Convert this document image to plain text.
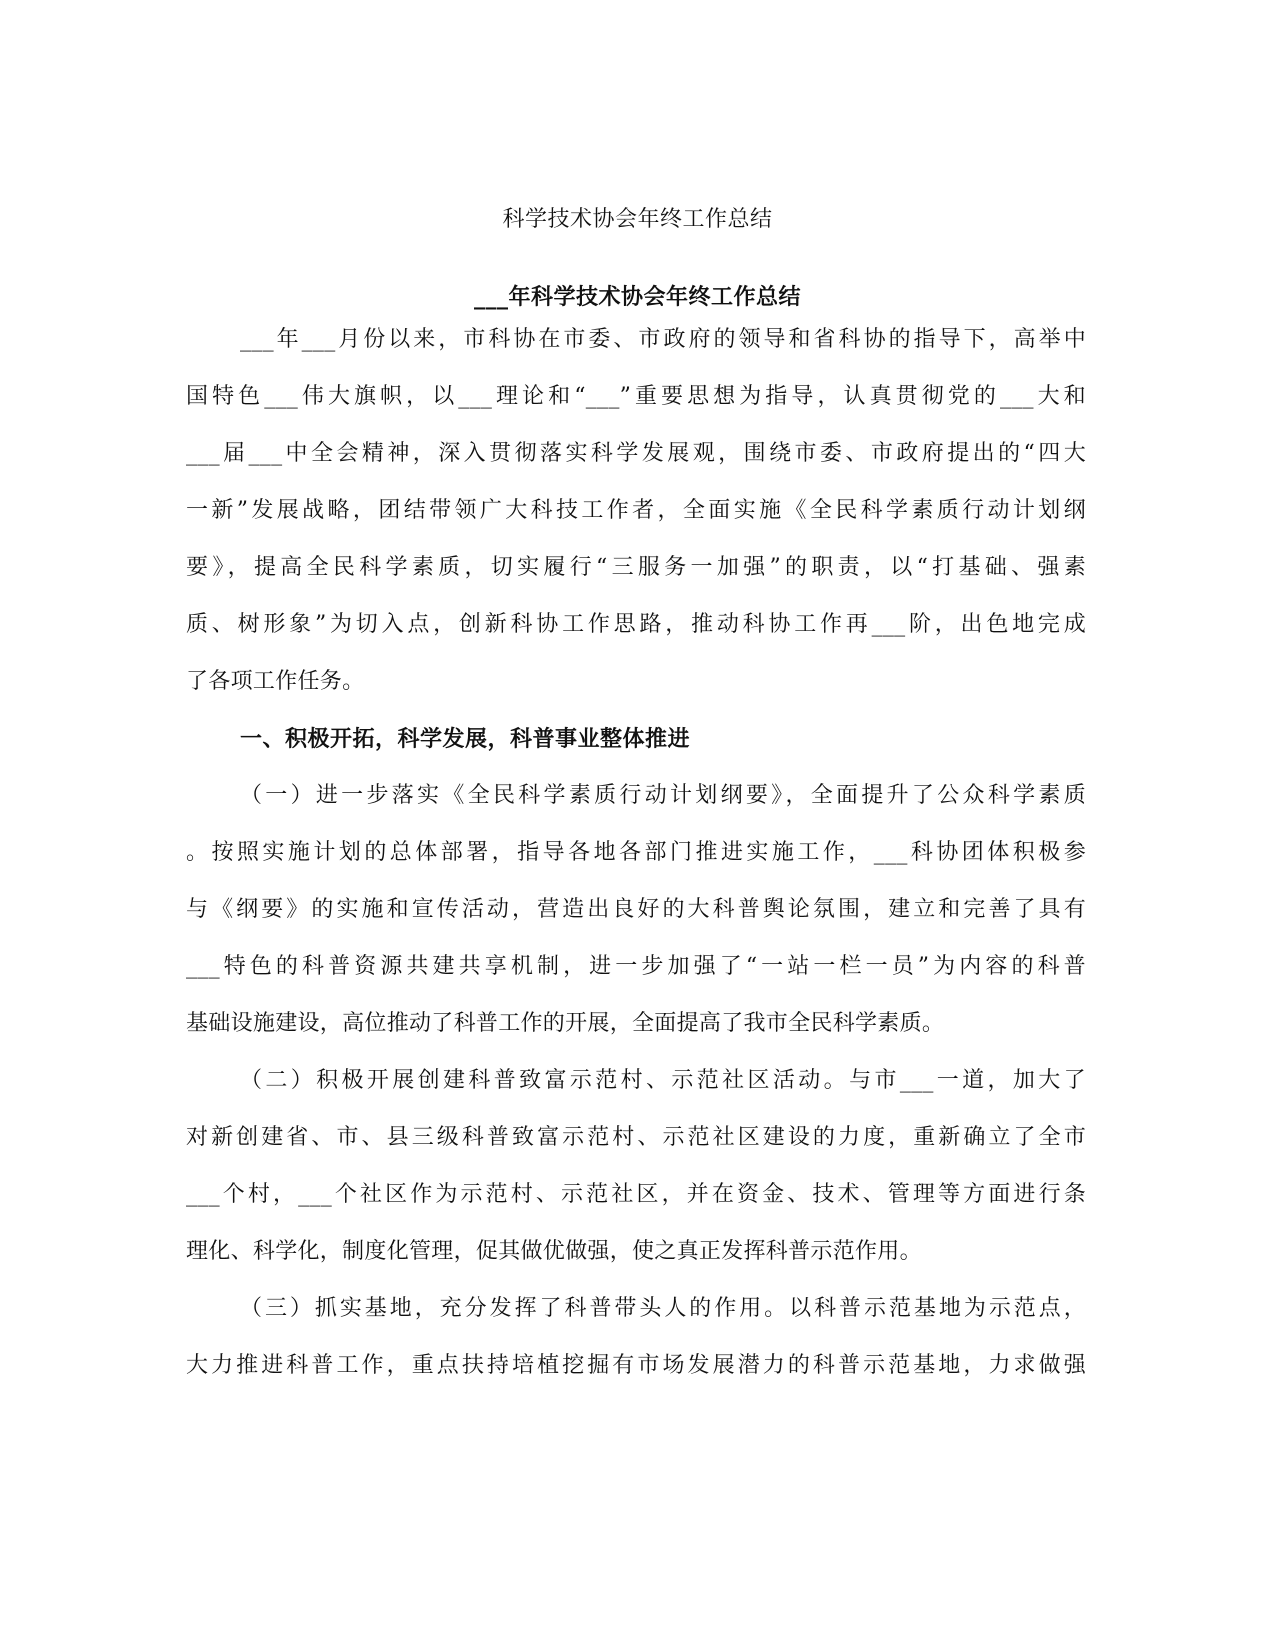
科学技术协会年终工作总结
___年科学技术协会年终工作总结
___年___月份以来，市科协在市委、市政府的领导和省科协的指导下，高举中
国特色___伟大旗帜，以___理论和“___”重要思想为指导，认真贯彻党的___大和
___届___中全会精神，深入贯彻落实科学发展观，围绕市委、市政府提出的“四大
一新”发展战略，团结带领广大科技工作者，全面实施《全民科学素质行动计划纲
要》，提高全民科学素质，切实履行“三服务一加强”的职责，以“打基础、强素
质、树形象”为切入点，创新科协工作思路，推动科协工作再___阶，出色地完成
了各项工作任务。
一、积极开拓，科学发展，科普事业整体推进
（一）进一步落实《全民科学素质行动计划纲要》，全面提升了公众科学素质
。按照实施计划的总体部署，指导各地各部门推进实施工作，___科协团体积极参
与《纲要》的实施和宣传活动，营造出良好的大科普舆论氛围，建立和完善了具有
___特色的科普资源共建共享机制，进一步加强了“一站一栏一员”为内容的科普
基础设施建设，高位推动了科普工作的开展，全面提高了我市全民科学素质。
（二）积极开展创建科普致富示范村、示范社区活动。与市___一道，加大了
对新创建省、市、县三级科普致富示范村、示范社区建设的力度，重新确立了全市
___个村，___个社区作为示范村、示范社区，并在资金、技术、管理等方面进行条
理化、科学化，制度化管理，促其做优做强，使之真正发挥科普示范作用。
（三）抓实基地，充分发挥了科普带头人的作用。以科普示范基地为示范点，
大力推进科普工作，重点扶持培植挖掘有市场发展潜力的科普示范基地，力求做强
